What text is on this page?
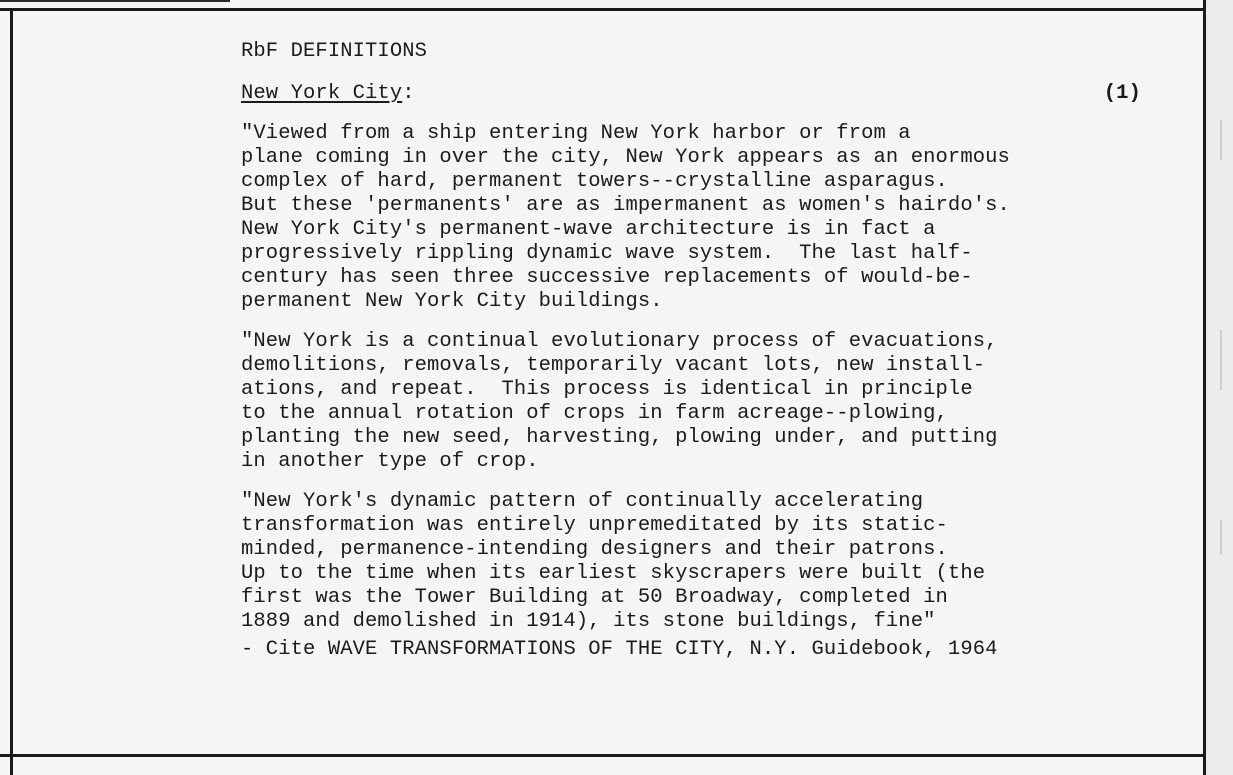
RbF DEFINITIONS
New York City:	(1)
"Viewed from a ship entering New York harbor or from a
plane coming in over the city, New York appears as an enormous
complex of hard, permanent towers--crystalline asparagus.
But these 'permanents' are as impermanent as women's hairdo's.
New York City's permanent-wave architecture is in fact a
progressively rippling dynamic wave system.  The last half-
century has seen three successive replacements of would-be-
permanent New York City buildings.
"New York is a continual evolutionary process of evacuations,
demolitions, removals, temporarily vacant lots, new install-
ations, and repeat.  This process is identical in principle
to the annual rotation of crops in farm acreage--plowing,
planting the new seed, harvesting, plowing under, and putting
in another type of crop.
"New York's dynamic pattern of continually accelerating
transformation was entirely unpremeditated by its static-
minded, permanence-intending designers and their patrons.
Up to the time when its earliest skyscrapers were built (the
first was the Tower Building at 50 Broadway, completed in
1889 and demolished in 1914), its stone buildings, fine"
- Cite WAVE TRANSFORMATIONS OF THE CITY, N.Y. Guidebook, 1964
